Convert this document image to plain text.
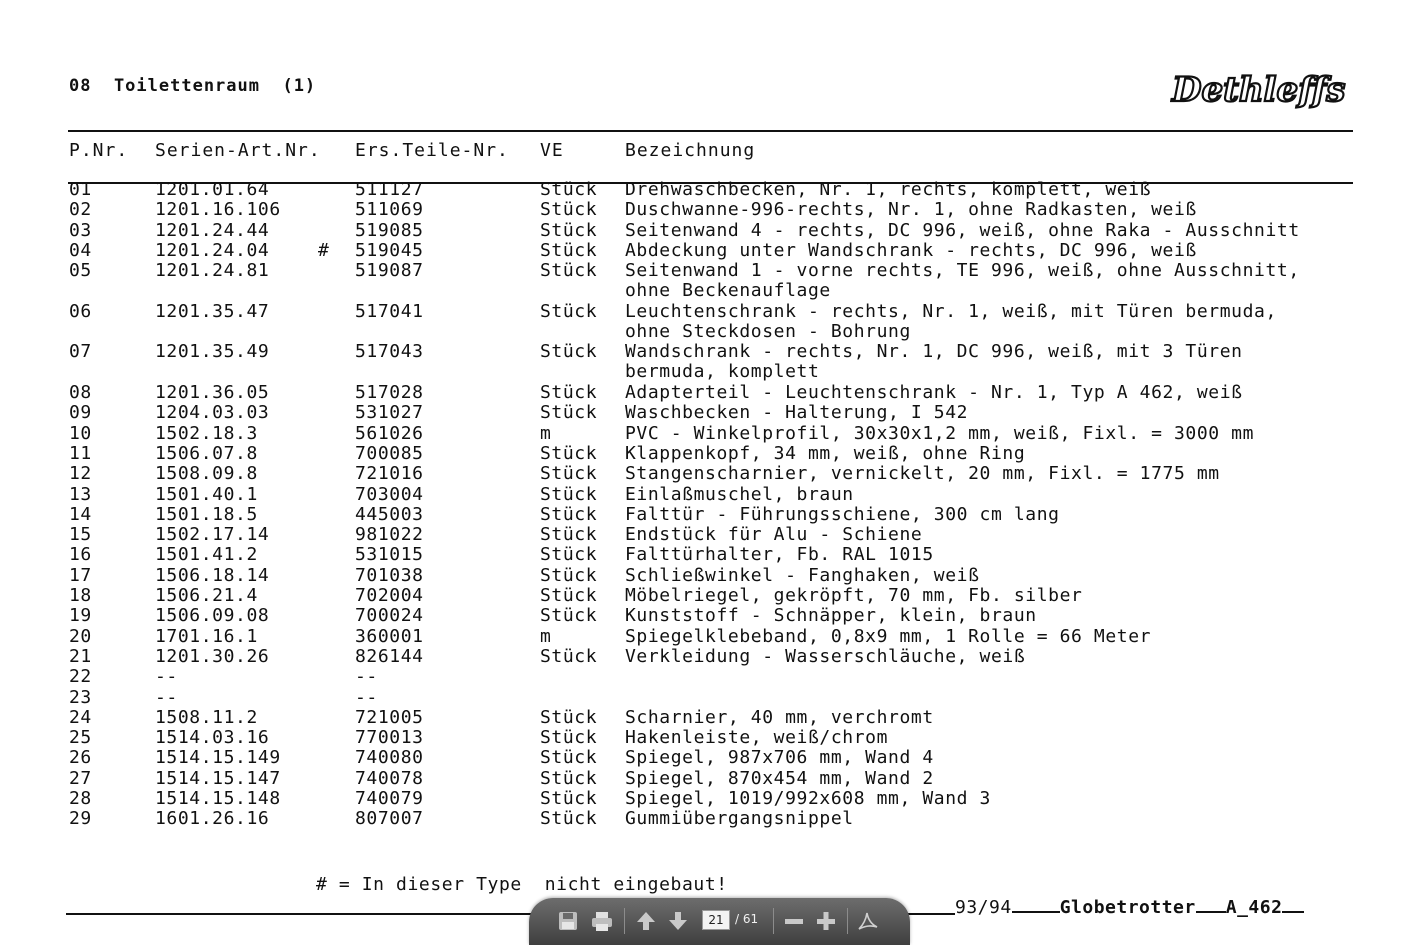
08  Toilettenraum  (1)	Dethleffs
P.Nr. Serien-Art.Nr. Ers.Teile-Nr. VE	Bezeichnung
01	1201.01.64	511127	Stück Drehwaschbecken, Nr. 1, rechts, komplett, weiß
02	1201.16.106	511069	Stück Duschwanne-996-rechts, Nr. 1, ohne Radkasten, weiß
03	1201.24.44	519085	Stück Seitenwand 4 - rechts, DC 996, weiß, ohne Raka - Ausschnitt
04	1201.24.04	# 519045	Stück Abdeckung unter Wandschrank - rechts, DC 996, weiß
05	1201.24.81	519087	Stück Seitenwand 1 - vorne rechts, TE 996, weiß, ohne Ausschnitt,
ohne Beckenauflage
06	1201.35.47	517041	Stück Leuchtenschrank - rechts, Nr. 1, weiß, mit Türen bermuda,
ohne Steckdosen - Bohrung
07	1201.35.49	517043	Stück Wandschrank - rechts, Nr. 1, DC 996, weiß, mit 3 Türen
bermuda, komplett
08	1201.36.05	517028	Stück Adapterteil - Leuchtenschrank - Nr. 1, Typ A 462, weiß
09	1204.03.03	531027	Stück Waschbecken - Halterung, I 542
10	1502.18.3	561026	m	PVC - Winkelprofil, 30x30x1,2 mm, weiß, Fixl. = 3000 mm
11	1506.07.8	700085	Stück Klappenkopf, 34 mm, weiß, ohne Ring
12	1508.09.8	721016	Stück Stangenscharnier, vernickelt, 20 mm, Fixl. = 1775 mm
13	1501.40.1	703004	Stück Einlaßmuschel, braun
14	1501.18.5	445003	Stück Falttür - Führungsschiene, 300 cm lang
15	1502.17.14	981022	Stück Endstück für Alu - Schiene
16	1501.41.2	531015	Stück Falttürhalter, Fb. RAL 1015
17	1506.18.14	701038	Stück Schließwinkel - Fanghaken, weiß
18	1506.21.4	702004	Stück Möbelriegel, gekröpft, 70 mm, Fb. silber
19	1506.09.08	700024	Stück Kunststoff - Schnäpper, klein, braun
20	1701.16.1	360001	m	Spiegelklebeband, 0,8x9 mm, 1 Rolle = 66 Meter
21	1201.30.26	826144	Stück Verkleidung - Wasserschläuche, weiß
22	--	--
23	--	--
24	1508.11.2	721005	Stück Scharnier, 40 mm, verchromt
25	1514.03.16	770013	Stück Hakenleiste, weiß/chrom
26	1514.15.149	740080	Stück Spiegel, 987x706 mm, Wand 4
27	1514.15.147	740078	Stück Spiegel, 870x454 mm, Wand 2
28	1514.15.148	740079	Stück Spiegel, 1019/992x608 mm, Wand 3
29	1601.26.16	807007	Stück Gummiübergangsnippel
# = In dieser Type  nicht eingebaut!
93/94	Globetrotter A_462
21
/ 61
